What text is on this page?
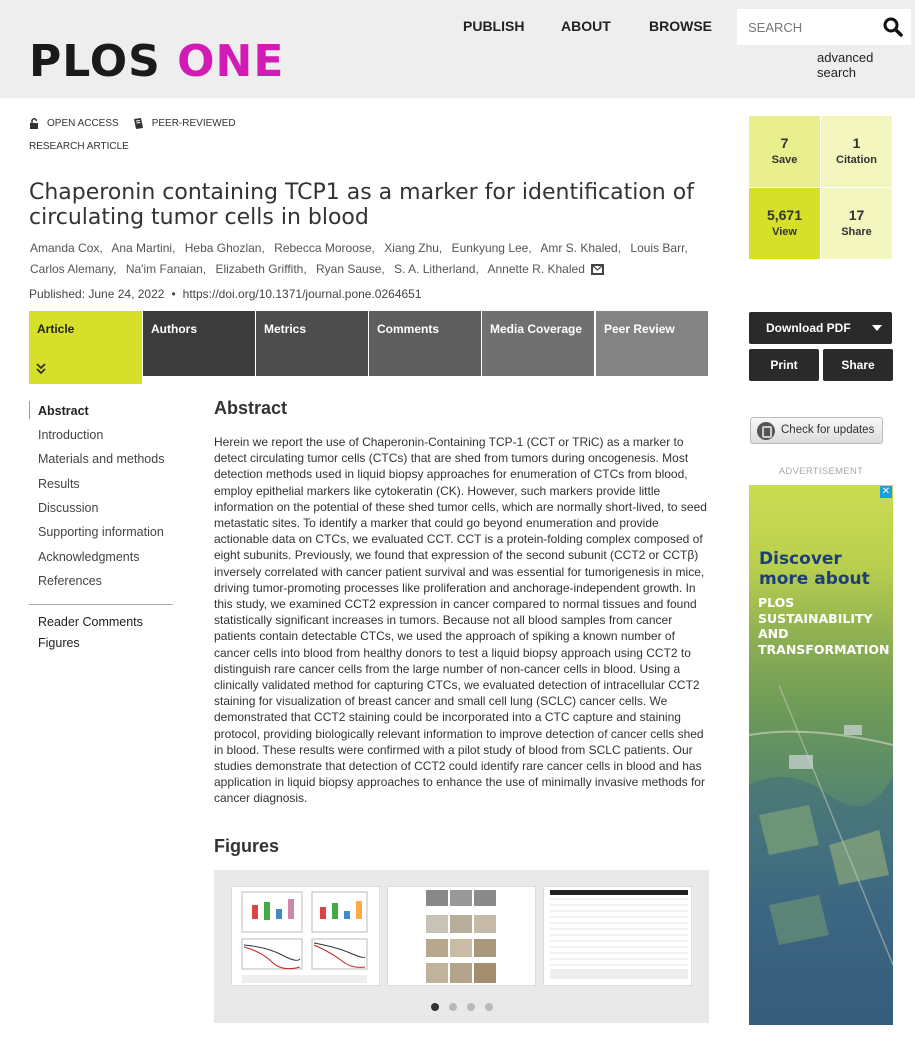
PLOS ONE
PUBLISH	ABOUT	BROWSE
SEARCH
advanced search
OPEN ACCESS	PEER-REVIEWED
RESEARCH ARTICLE
Chaperonin containing TCP1 as a marker for identification of circulating tumor cells in blood
Amanda Cox, Ana Martini, Heba Ghozlan, Rebecca Moroose, Xiang Zhu, Eunkyung Lee, Amr S. Khaled, Louis Barr,
Carlos Alemany, Na'im Fanaian, Elizabeth Griffith, Ryan Sause, S. A. Litherland, Annette R. Khaled
Published: June 24, 2022 • https://doi.org/10.1371/journal.pone.0264651
Article	Authors	Metrics	Comments	Media Coverage	Peer Review
Abstract
Introduction
Materials and methods
Results
Discussion
Supporting information
Acknowledgments
References
Reader Comments
Figures
Abstract

Herein we report the use of Chaperonin-Containing TCP-1 (CCT or TRiC) as a marker to detect circulating tumor cells (CTCs) that are shed from tumors during oncogenesis. Most detection methods used in liquid biopsy approaches for enumeration of CTCs from blood, employ epithelial markers like cytokeratin (CK). However, such markers provide little information on the potential of these shed tumor cells, which are normally short-lived, to seed metastatic sites. To identify a marker that could go beyond enumeration and provide actionable data on CTCs, we evaluated CCT. CCT is a protein-folding complex composed of eight subunits. Previously, we found that expression of the second subunit (CCT2 or CCTβ) inversely correlated with cancer patient survival and was essential for tumorigenesis in mice, driving tumor-promoting processes like proliferation and anchorage-independent growth. In this study, we examined CCT2 expression in cancer compared to normal tissues and found statistically significant increases in tumors. Because not all blood samples from cancer patients contain detectable CTCs, we used the approach of spiking a known number of cancer cells into blood from healthy donors to test a liquid biopsy approach using CCT2 to distinguish rare cancer cells from the large number of non-cancer cells in blood. Using a clinically validated method for capturing CTCs, we evaluated detection of intracellular CCT2 staining for visualization of breast cancer and small cell lung (SCLC) cancer cells. We demonstrated that CCT2 staining could be incorporated into a CTC capture and staining protocol, providing biologically relevant information to improve detection of cancer cells shed in blood. These results were confirmed with a pilot study of blood from SCLC patients. Our studies demonstrate that detection of CCT2 could identify rare cancer cells in blood and has application in liquid biopsy approaches to enhance the use of minimally invasive methods for cancer diagnosis.

Figures
7
Save
1
Citation
5,671
View
17
Share
Download PDF
Print	Share
Check for updates
ADVERTISEMENT
✕
Discover more about
PLOS SUSTAINABILITY AND TRANSFORMATION
